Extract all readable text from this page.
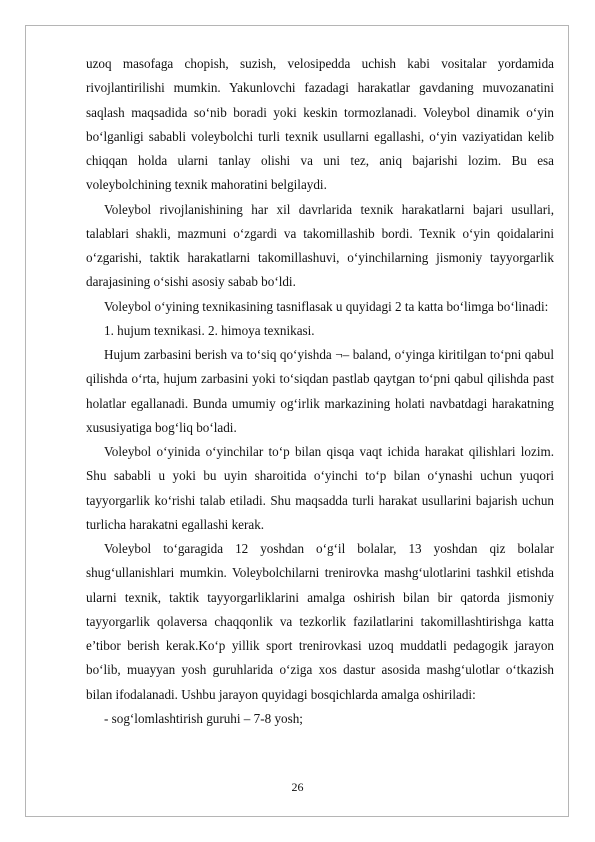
uzoq masofaga chopish, suzish, velosipedda uchish kabi vositalar yordamida rivojlantirilishi mumkin. Yakunlovchi fazadagi harakatlar gavdaning muvozanatini saqlash maqsadida so‘nib boradi yoki keskin tormozlanadi. Voleybol dinamik o‘yin bo‘lganligi sababli voleybolchi turli texnik usullarni egallashi, o‘yin vaziyatidan kelib chiqqan holda ularni tanlay olishi va uni tez, aniq bajarishi lozim. Bu esa voleybolchining texnik mahoratini belgilaydi.

Voleybol rivojlanishining har xil davrlarida texnik harakatlarni bajari usullari, talablari shakli, mazmuni o‘zgardi va takomillashib bordi. Texnik o‘yin qoidalarini o‘zgarishi, taktik harakatlarni takomillashuvi, o‘yinchilarning jismoniy tayyorgarlik darajasining o‘sishi asosiy sabab bo‘ldi.

Voleybol o‘yining texnikasining tasniflasak u quyidagi 2 ta katta bo‘limga bo‘linadi:

1. hujum texnikasi. 2. himoya texnikasi.

Hujum zarbasini berish va to‘siq qo‘yishda ¬– baland, o‘yinga kiritilgan to‘pni qabul qilishda o‘rta, hujum zarbasini yoki to‘siqdan pastlab qaytgan to‘pni qabul qilishda past holatlar egallanadi. Bunda umumiy og‘irlik markazining holati navbatdagi harakatning xususiyatiga bog‘liq bo‘ladi.

Voleybol o‘yinida o‘yinchilar to‘p bilan qisqa vaqt ichida harakat qilishlari lozim. Shu sababli u yoki bu uyin sharoitida o‘yinchi to‘p bilan o‘ynashi uchun yuqori tayyorgarlik ko‘rishi talab etiladi. Shu maqsadda turli harakat usullarini bajarish uchun turlicha harakatni egallashi kerak.

Voleybol to‘garagida 12 yoshdan o‘g‘il bolalar, 13 yoshdan qiz bolalar shug‘ullanishlari mumkin. Voleybolchilarni trenirovka mashg‘ulotlarini tashkil etishda ularni texnik, taktik tayyorgarliklarini amalga oshirish bilan bir qatorda jismoniy tayyorgarlik qolaversa chaqqonlik va tezkorlik fazilatlarini takomillashtirishga katta e’tibor berish kerak.Ko‘p yillik sport trenirovkasi uzoq muddatli pedagogik jarayon bo‘lib, muayyan yosh guruhlarida o‘ziga xos dastur asosida mashg‘ulotlar o‘tkazish bilan ifodalanadi. Ushbu jarayon quyidagi bosqichlarda amalga oshiriladi:

- sog‘lomlashtirish guruhi – 7-8 yosh;

26
